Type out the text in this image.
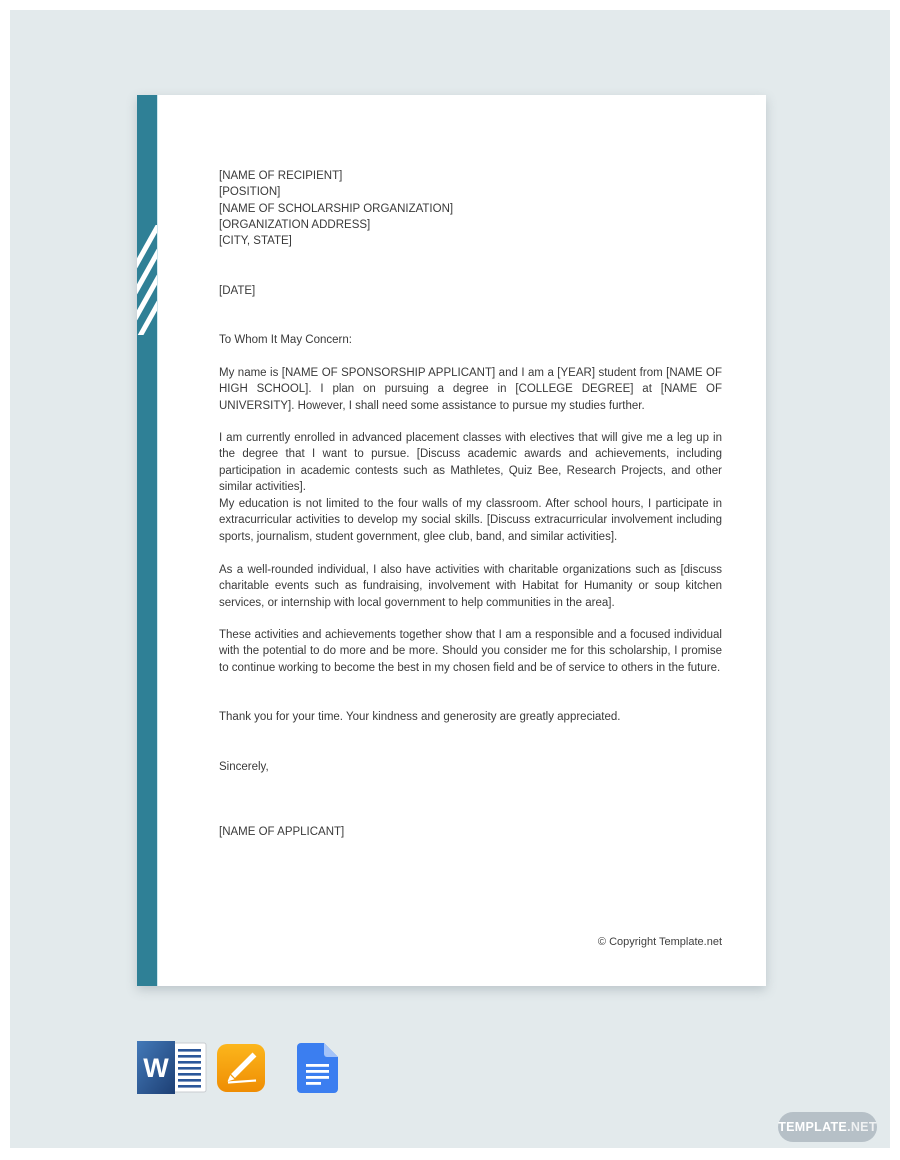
[NAME OF RECIPIENT]
[POSITION]
[NAME OF SCHOLARSHIP ORGANIZATION]
[ORGANIZATION ADDRESS]
[CITY, STATE]
[DATE]
To Whom It May Concern:

My name is [NAME OF SPONSORSHIP APPLICANT] and I am a [YEAR] student from [NAME OF HIGH SCHOOL]. I plan on pursuing a degree in [COLLEGE DEGREE] at [NAME OF UNIVERSITY]. However, I shall need some assistance to pursue my studies further.

I am currently enrolled in advanced placement classes with electives that will give me a leg up in the degree that I want to pursue. [Discuss academic awards and achievements, including participation in academic contests such as Mathletes, Quiz Bee, Research Projects, and other similar activities].

My education is not limited to the four walls of my classroom. After school hours, I participate in extracurricular activities to develop my social skills. [Discuss extracurricular involvement including sports, journalism, student government, glee club, band, and similar activities].

As a well-rounded individual, I also have activities with charitable organizations such as [discuss charitable events such as fundraising, involvement with Habitat for Humanity or soup kitchen services, or internship with local government to help communities in the area].

These activities and achievements together show that I am a responsible and a focused individual with the potential to do more and be more. Should you consider me for this scholarship, I promise to continue working to become the best in my chosen field and be of service to others in the future.

Thank you for your time. Your kindness and generosity are greatly appreciated.

Sincerely,
[NAME OF APPLICANT]
© Copyright Template.net
W
TEMPLATE.NET
